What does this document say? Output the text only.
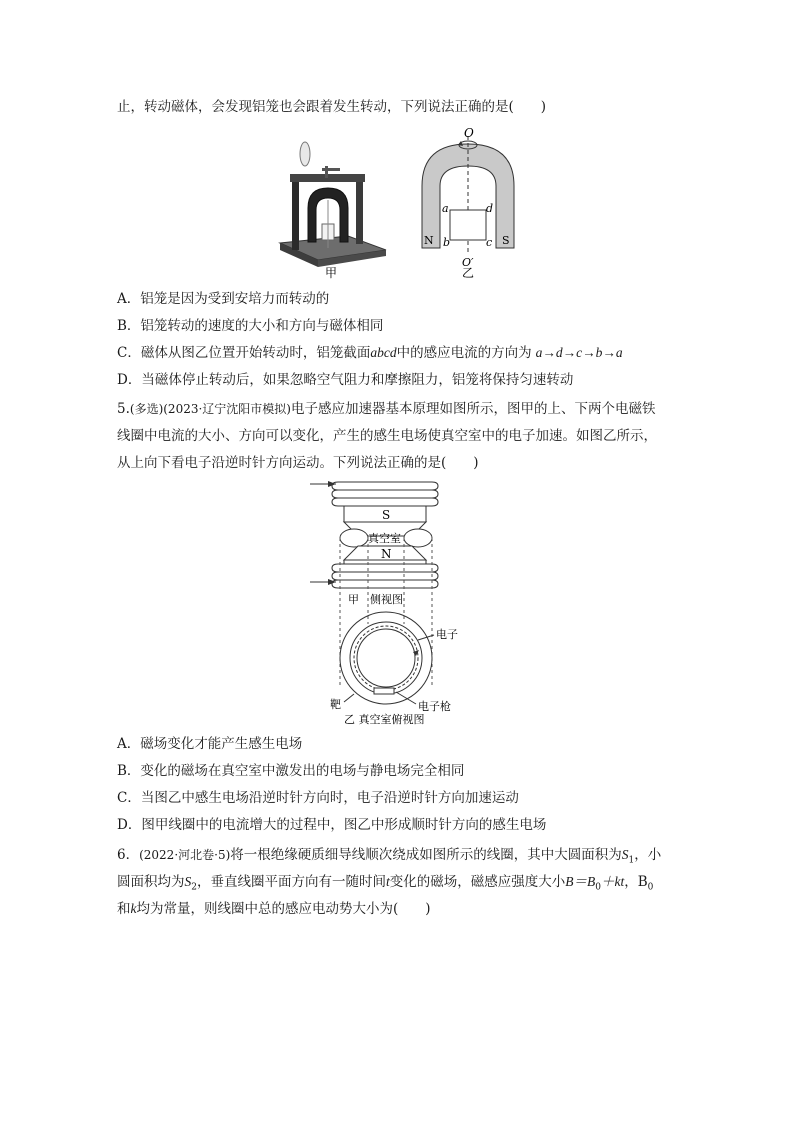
止，转动磁体，会发现铝笼也会跟着发生转动，下列说法正确的是(　　)
甲
O
O′
N	S
a
b	c
d
乙
A．铝笼是因为受到安培力而转动的
B．铝笼转动的速度的大小和方向与磁体相同
C．磁体从图乙位置开始转动时，铝笼截面abcd中的感应电流的方向为 a→d→c→b→a
D．当磁体停止转动后，如果忽略空气阻力和摩擦阻力，铝笼将保持匀速转动
5.(多选)(2023·辽宁沈阳市模拟)电子感应加速器基本原理如图所示，图甲的上、下两个电磁铁
线圈中电流的大小、方向可以变化，产生的感生电场使真空室中的电子加速。如图乙所示，
从上向下看电子沿逆时针方向运动。下列说法正确的是(　　)
S
真空室
N
甲 侧视图
电子
靶	电子枪
乙 真空室俯视图
A．磁场变化才能产生感生电场
B．变化的磁场在真空室中激发出的电场与静电场完全相同
C．当图乙中感生电场沿逆时针方向时，电子沿逆时针方向加速运动
D．图甲线圈中的电流增大的过程中，图乙中形成顺时针方向的感生电场
6．(2022·河北卷·5)将一根绝缘硬质细导线顺次绕成如图所示的线圈，其中大圆面积为$S_1$，小
圆面积均为$S_2$，垂直线圈平面方向有一随时间t变化的磁场，磁感应强度大小$B=B_0+kt$，$B_0$
和k均为常量，则线圈中总的感应电动势大小为(　　)
